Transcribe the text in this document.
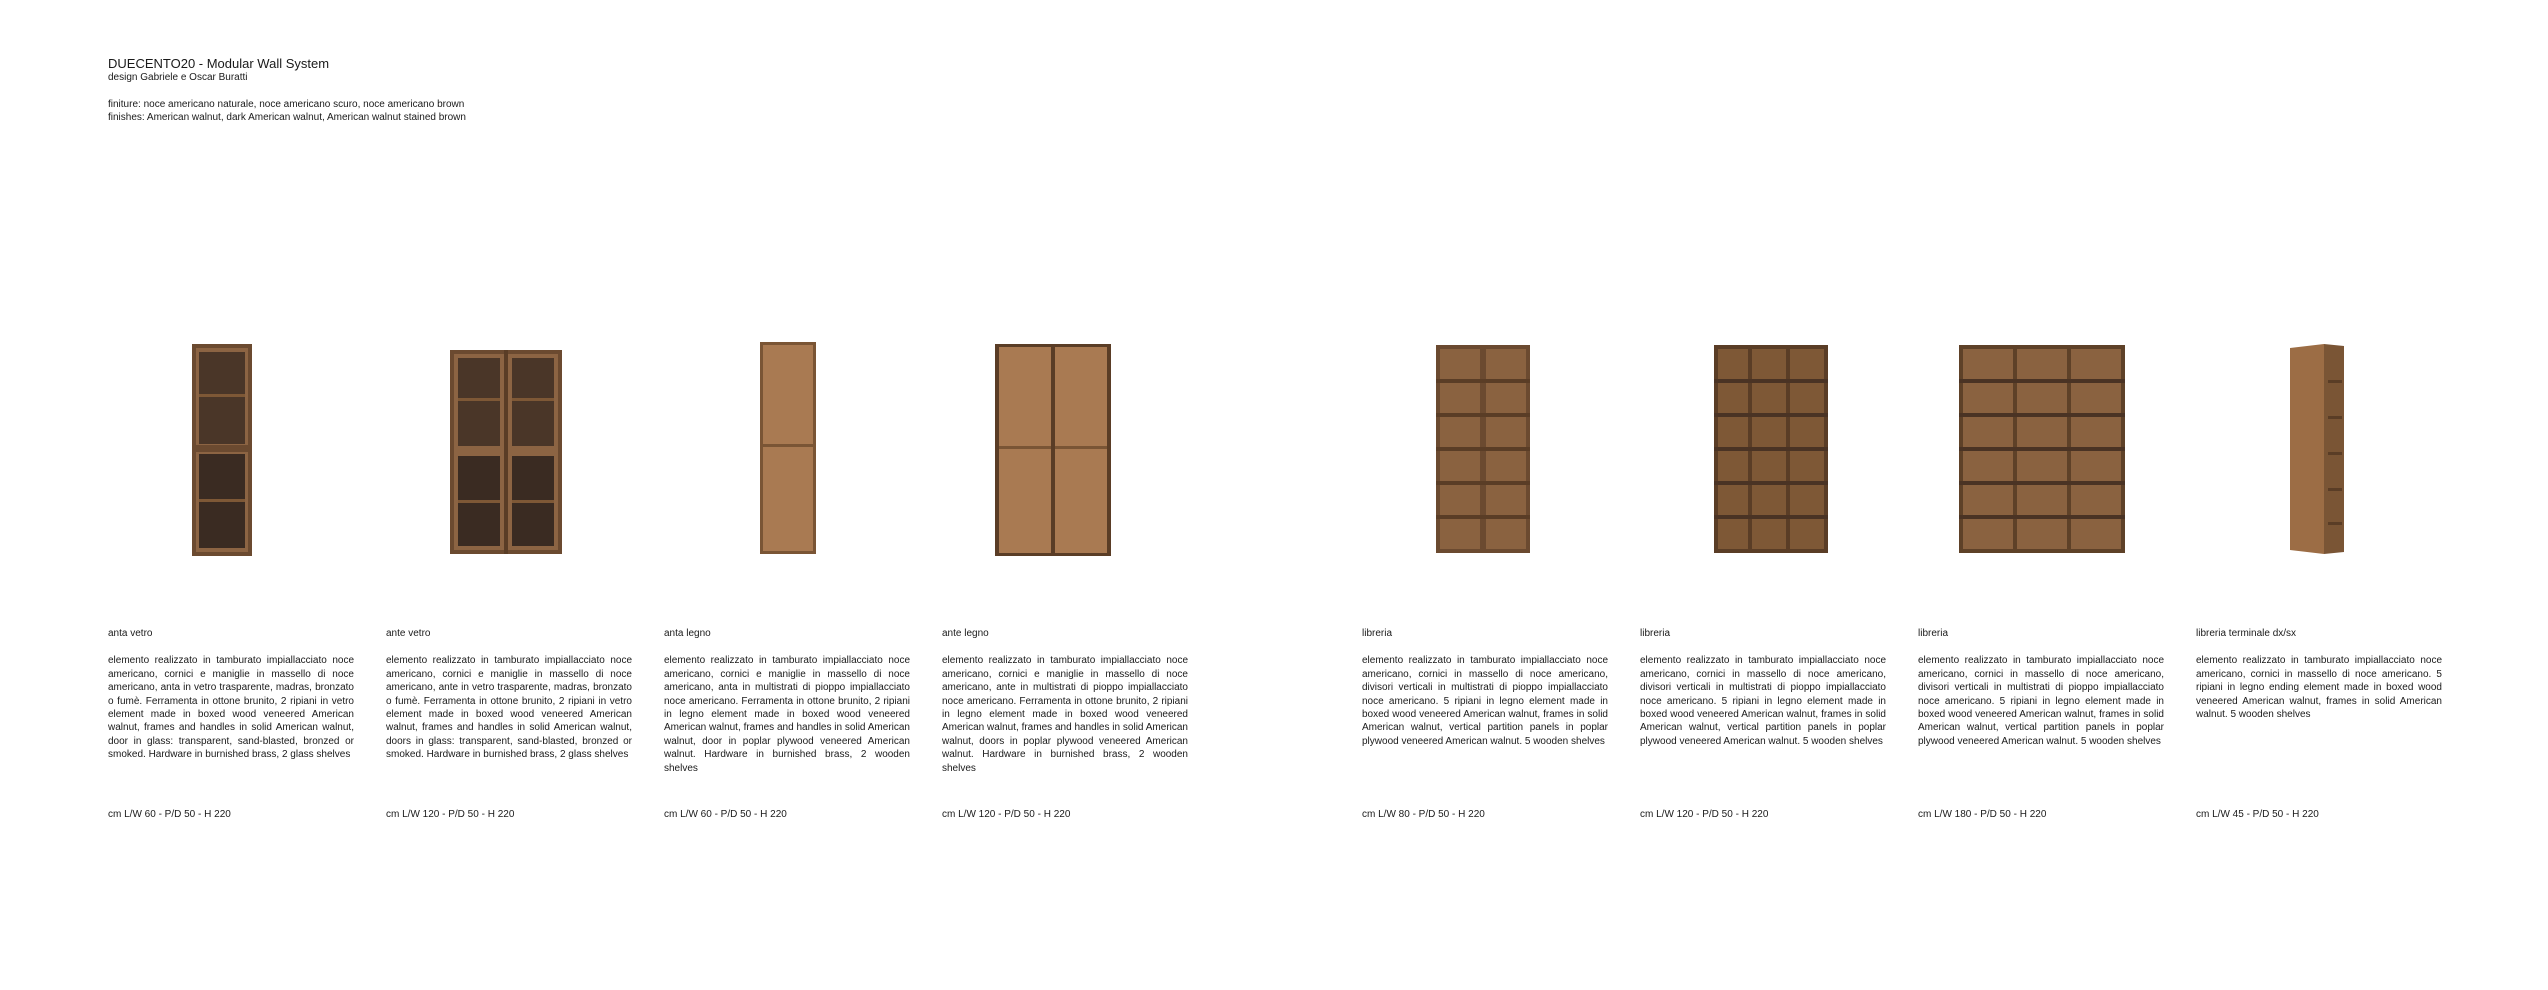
DUECENTO20 - Modular Wall System
design Gabriele e Oscar Buratti
finiture: noce americano naturale, noce americano scuro, noce americano brown
finishes: American walnut, dark American walnut, American walnut stained brown
anta vetro
elemento realizzato in tamburato impiallacciato noce americano, cornici e maniglie in massello di noce americano, anta in vetro trasparente, madras, bronzato o fumè. Ferramenta in ottone brunito, 2 ripiani in vetro element made in boxed wood veneered American walnut, frames and handles in solid American walnut, door in glass: transparent, sand-blasted, bronzed or smoked. Hardware in burnished brass, 2 glass shelves
cm L/W 60 - P/D 50 - H 220
ante vetro
elemento realizzato in tamburato impiallacciato noce americano, cornici e maniglie in massello di noce americano, ante in vetro trasparente, madras, bronzato o fumè. Ferramenta in ottone brunito, 2 ripiani in vetro element made in boxed wood veneered American walnut, frames and handles in solid American walnut, doors in glass: transparent, sand-blasted, bronzed or smoked. Hardware in burnished brass, 2 glass shelves
cm L/W 120 - P/D 50 - H 220
anta legno
elemento realizzato in tamburato impiallacciato noce americano, cornici e maniglie in massello di noce americano, anta in multistrati di pioppo impiallacciato noce americano. Ferramenta in ottone brunito, 2 ripiani in legno element made in boxed wood veneered American walnut, frames and handles in solid American walnut, door in poplar plywood veneered American walnut. Hardware in burnished brass, 2 wooden shelves
cm L/W 60 - P/D 50 - H 220
ante legno
elemento realizzato in tamburato impiallacciato noce americano, cornici e maniglie in massello di noce americano, ante in multistrati di pioppo impiallacciato noce americano. Ferramenta in ottone brunito, 2 ripiani in legno element made in boxed wood veneered American walnut, frames and handles in solid American walnut, doors in poplar plywood veneered American walnut. Hardware in burnished brass, 2 wooden shelves
cm L/W 120 - P/D 50 - H 220
libreria
elemento realizzato in tamburato impiallacciato noce americano, cornici in massello di noce americano, divisori verticali in multistrati di pioppo impiallacciato noce americano. 5 ripiani in legno element made in boxed wood veneered American walnut, frames in solid American walnut, vertical partition panels in poplar plywood veneered American walnut. 5 wooden shelves
cm L/W 80 - P/D 50 - H 220
libreria
elemento realizzato in tamburato impiallacciato noce americano, cornici in massello di noce americano, divisori verticali in multistrati di pioppo impiallacciato noce americano. 5 ripiani in legno element made in boxed wood veneered American walnut, frames in solid American walnut, vertical partition panels in poplar plywood veneered American walnut. 5 wooden shelves
cm L/W 120 - P/D 50 - H 220
libreria
elemento realizzato in tamburato impiallacciato noce americano, cornici in massello di noce americano, divisori verticali in multistrati di pioppo impiallacciato noce americano. 5 ripiani in legno element made in boxed wood veneered American walnut, frames in solid American walnut, vertical partition panels in poplar plywood veneered American walnut. 5 wooden shelves
cm L/W 180 - P/D 50 - H 220
libreria terminale dx/sx
elemento realizzato in tamburato impiallacciato noce americano, cornici in massello di noce americano. 5 ripiani in legno ending element made in boxed wood veneered American walnut, frames in solid American walnut. 5 wooden shelves
cm L/W 45 - P/D 50 - H 220
